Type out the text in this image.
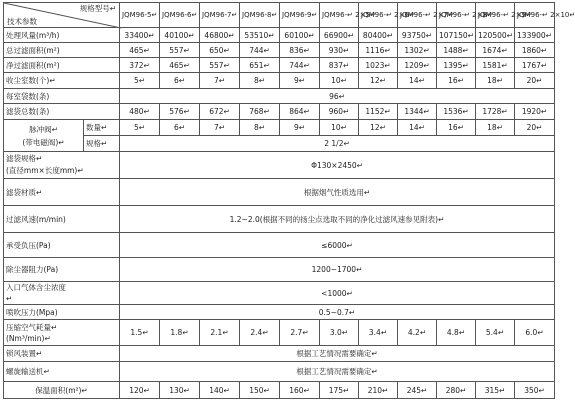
规格型号↵
技术参数		JQM96-5↵	JQM96-6↵	JQM96-7↵	JQM96-8↵	JQM96-9↵	JQM96-↵ 2×5↵	JQM96-↵ 2×6↵	JQM96-↵ 2×7↵	JQM96-↵ 2×8↵	JQM96-↵ 2×9↵	JQM96-↵ 2×10↵
处理风量(m³/h)		33400↵	40100↵	46800↵	53510↵	60100↵	66900↵	80400↵	93750↵	107150↵	120500↵	133900↵
总过滤面积(m²)		465↵	557↵	650↵	744↵	836↵	930↵	1116↵	1302↵	1488↵	1674↵	1860↵
净过滤面积(m²)		372↵	465↵	557↵	651↵	744↵	837↵	1023↵	1209↵	1395↵	1581↵	1767↵
收尘室数(个)↵		5↵	6↵	7↵	8↵	9↵	10↵	12↵	14↵	16↵	18↵	20↵
每室袋数(条)		96↵										
滤袋总数(条)		480↵	576↵	672↵	768↵	864↵	960↵	1152↵	1344↵	1536↵	1728↵	1920↵

脉冲阀↵
(带电磁阀)↵	数量↵	5↵	6↵	7↵	8↵	9↵	10↵	12↵	14↵	16↵	18↵	20↵
	规格↵	2 1/2↵										

滤袋规格↵
(直径mm×长度mm)↵		Φ130×2450↵										
滤袋材质↵		根据烟气性质选用↵										
过滤风速(m/min)		1.2~2.0(根据不同的扬尘点选取不同的净化过滤风速参见附表)↵										
承受负压(Pa)		≤6000↵										
除尘器阻力(Pa)		1200~1700↵										

入口气体含尘浓度
↵		<1000↵										
喷吹压力(Mpa)		0.5~0.7↵										

压缩空气耗量↵
(Nm³/min)↵		1.5↵	1.8↵	2.1↵	2.4↵	2.7↵	3.0↵	3.4↵	4.2↵	4.8↵	5.4↵	6.0↵
锁风装置↵		根据工艺情况需要确定↵										
螺旋输送机↵		根据工艺情况需要确定↵										
保温面积(m²)↵		120↵	130↵	140↵	150↵	160↵	175↵	210↵	245↵	280↵	315↵	350↵
